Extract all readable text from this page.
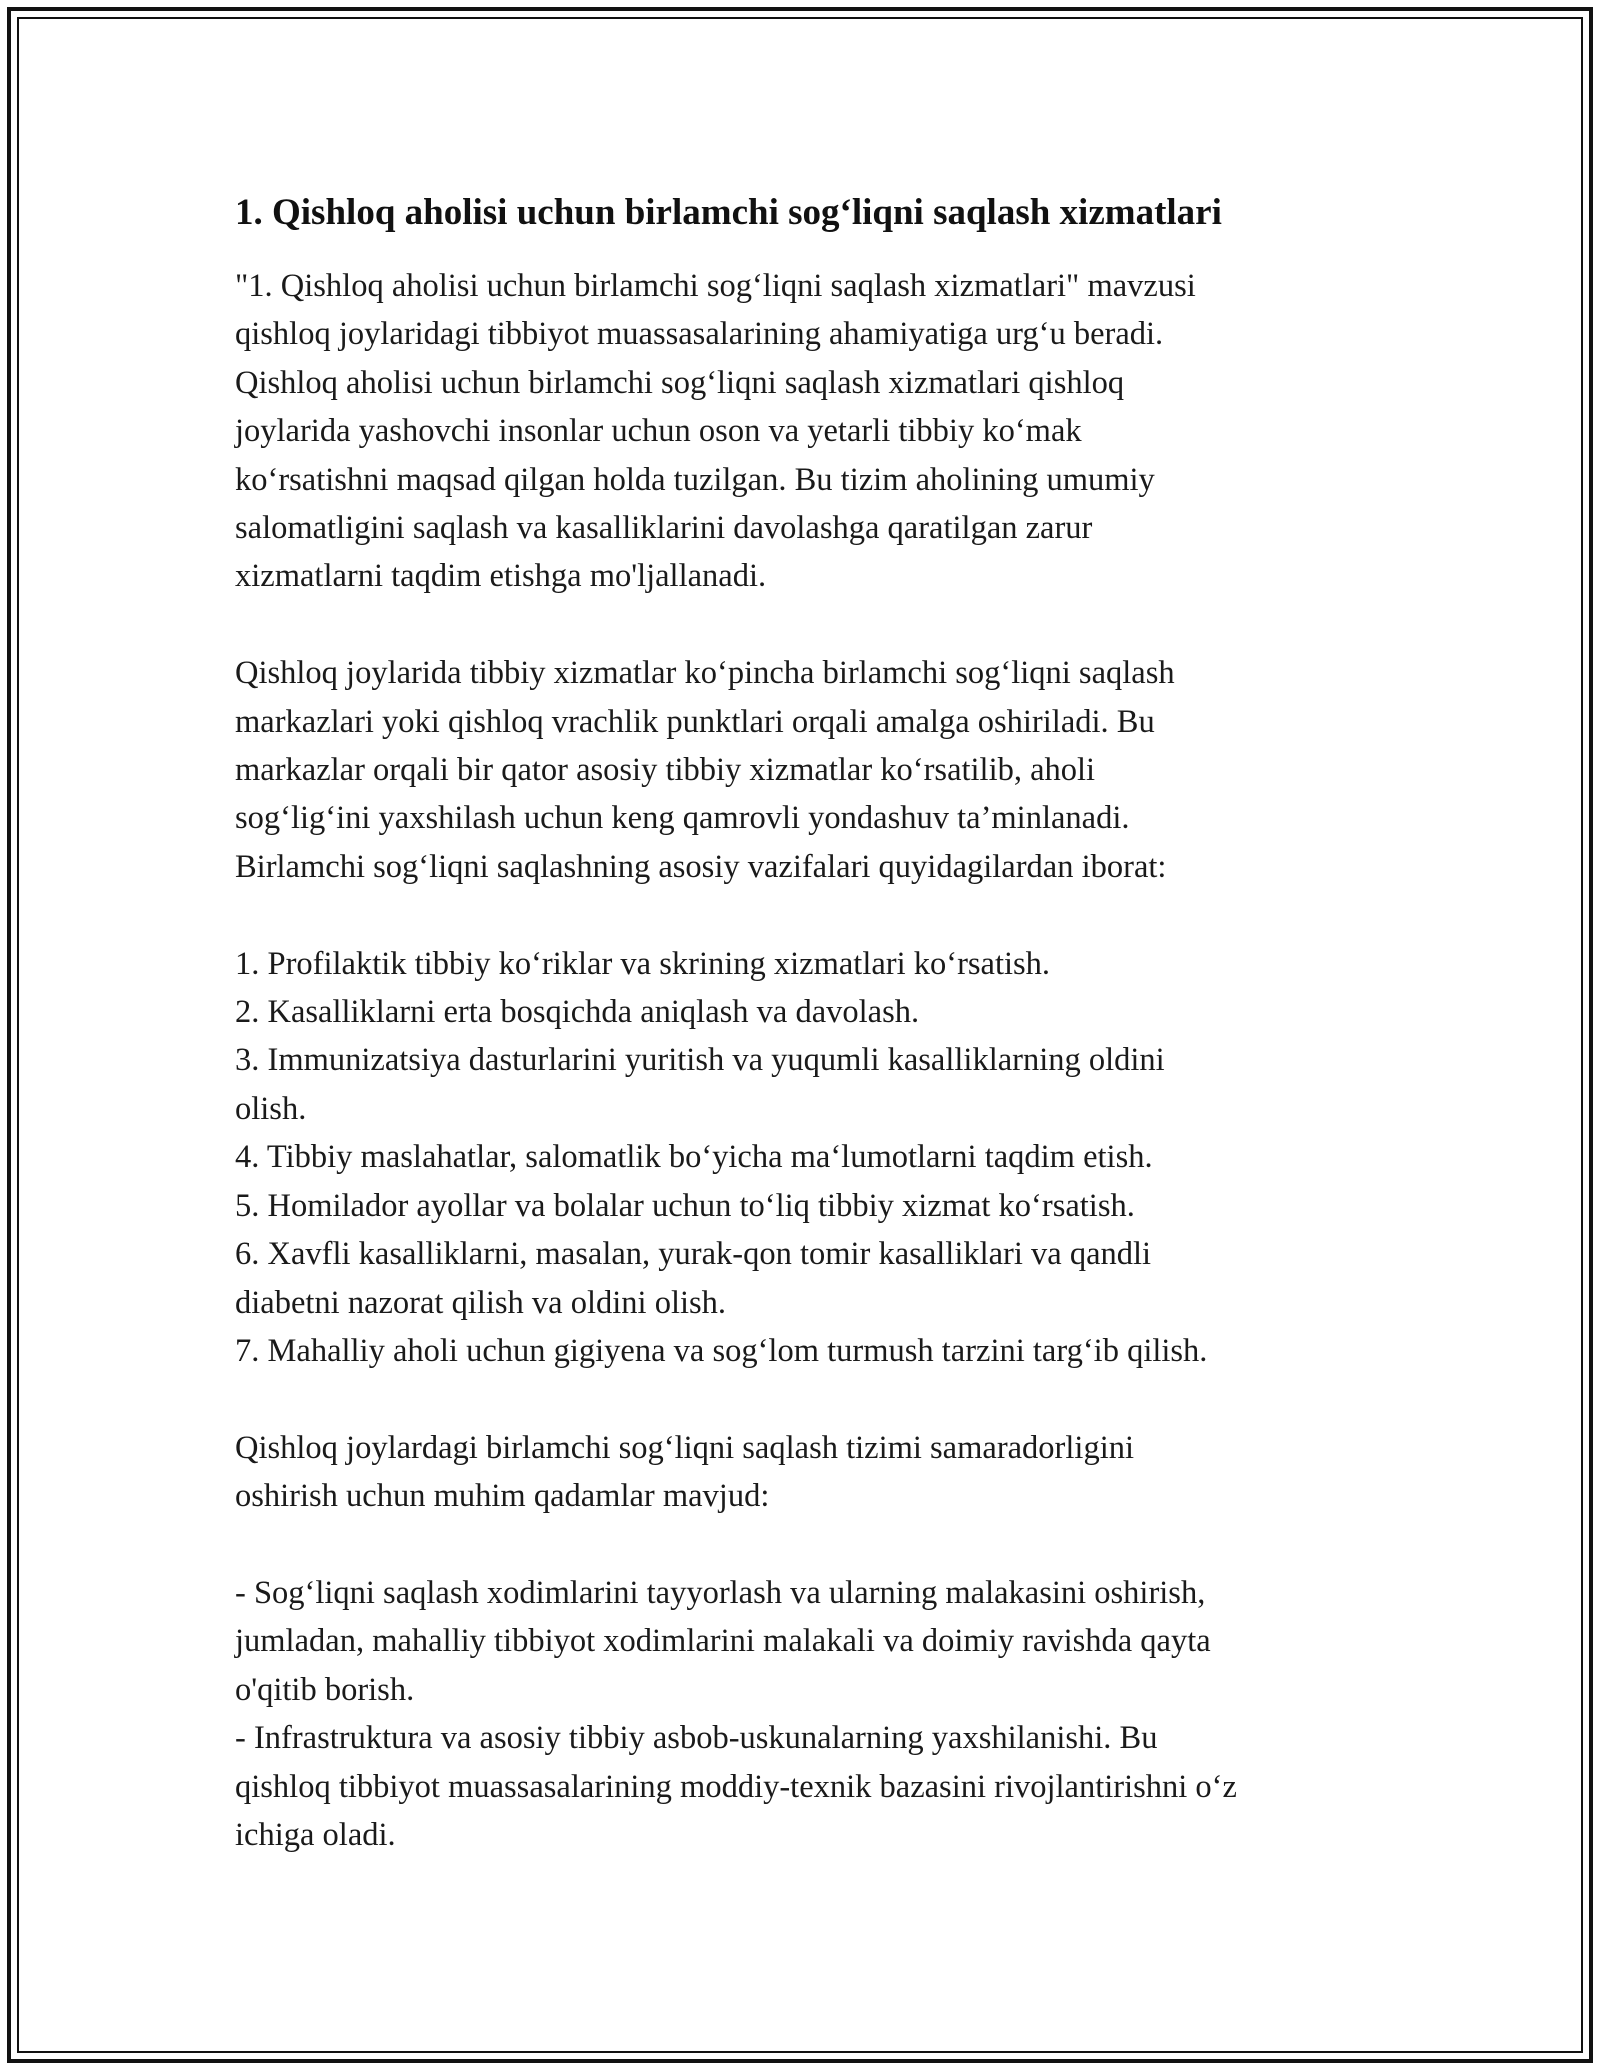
1. Qishloq aholisi uchun birlamchi sog‘liqni saqlash xizmatlari

"1. Qishloq aholisi uchun birlamchi sog‘liqni saqlash xizmatlari" mavzusi
qishloq joylaridagi tibbiyot muassasalarining ahamiyatiga urg‘u beradi.
Qishloq aholisi uchun birlamchi sog‘liqni saqlash xizmatlari qishloq
joylarida yashovchi insonlar uchun oson va yetarli tibbiy ko‘mak
ko‘rsatishni maqsad qilgan holda tuzilgan. Bu tizim aholining umumiy
salomatligini saqlash va kasalliklarini davolashga qaratilgan zarur
xizmatlarni taqdim etishga mo'ljallanadi.

Qishloq joylarida tibbiy xizmatlar ko‘pincha birlamchi sog‘liqni saqlash
markazlari yoki qishloq vrachlik punktlari orqali amalga oshiriladi. Bu
markazlar orqali bir qator asosiy tibbiy xizmatlar ko‘rsatilib, aholi
sog‘lig‘ini yaxshilash uchun keng qamrovli yondashuv ta’minlanadi.
Birlamchi sog‘liqni saqlashning asosiy vazifalari quyidagilardan iborat:

1. Profilaktik tibbiy ko‘riklar va skrining xizmatlari ko‘rsatish.
2. Kasalliklarni erta bosqichda aniqlash va davolash.
3. Immunizatsiya dasturlarini yuritish va yuqumli kasalliklarning oldini
olish.
4. Tibbiy maslahatlar, salomatlik bo‘yicha ma‘lumotlarni taqdim etish.
5. Homilador ayollar va bolalar uchun to‘liq tibbiy xizmat ko‘rsatish.
6. Xavfli kasalliklarni, masalan, yurak-qon tomir kasalliklari va qandli
diabetni nazorat qilish va oldini olish.
7. Mahalliy aholi uchun gigiyena va sog‘lom turmush tarzini targ‘ib qilish.

Qishloq joylardagi birlamchi sog‘liqni saqlash tizimi samaradorligini
oshirish uchun muhim qadamlar mavjud:

- Sog‘liqni saqlash xodimlarini tayyorlash va ularning malakasini oshirish,
jumladan, mahalliy tibbiyot xodimlarini malakali va doimiy ravishda qayta
o'qitib borish.
- Infrastruktura va asosiy tibbiy asbob-uskunalarning yaxshilanishi. Bu
qishloq tibbiyot muassasalarining moddiy-texnik bazasini rivojlantirishni o‘z
ichiga oladi.
